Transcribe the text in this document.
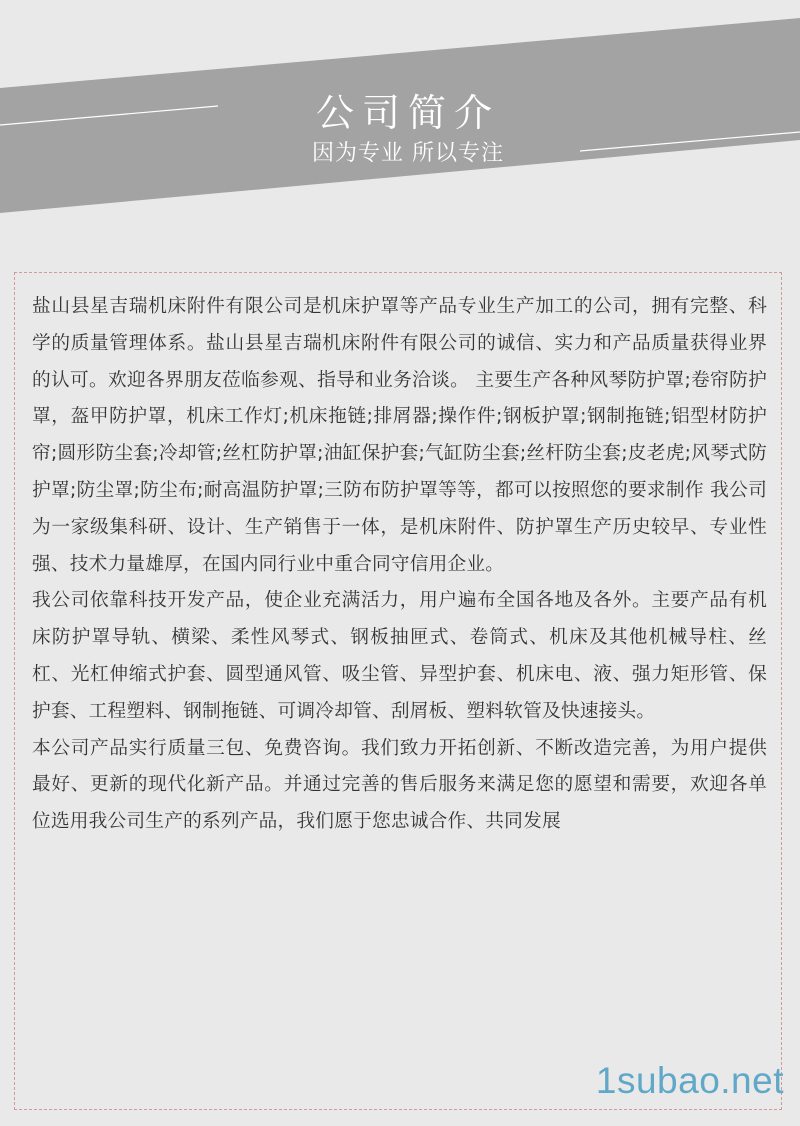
公司简介
因为专业 所以专注

盐山县星吉瑞机床附件有限公司是机床护罩等产品专业生产加工的公司，拥有完整、科学的质量管理体系。盐山县星吉瑞机床附件有限公司的诚信、实力和产品质量获得业界的认可。欢迎各界朋友莅临参观、指导和业务洽谈。 主要生产各种风琴防护罩;卷帘防护罩，盔甲防护罩，机床工作灯;机床拖链;排屑器;操作件;钢板护罩;钢制拖链;铝型材防护帘;圆形防尘套;冷却管;丝杠防护罩;油缸保护套;气缸防尘套;丝杆防尘套;皮老虎;风琴式防护罩;防尘罩;防尘布;耐高温防护罩;三防布防护罩等等，都可以按照您的要求制作 我公司为一家级集科研、设计、生产销售于一体，是机床附件、防护罩生产历史较早、专业性强、技术力量雄厚，在国内同行业中重合同守信用企业。

我公司依靠科技开发产品，使企业充满活力，用户遍布全国各地及各外。主要产品有机床防护罩导轨、横梁、柔性风琴式、钢板抽匣式、卷筒式、机床及其他机械导柱、丝杠、光杠伸缩式护套、圆型通风管、吸尘管、异型护套、机床电、液、强力矩形管、保护套、工程塑料、钢制拖链、可调冷却管、刮屑板、塑料软管及快速接头。

本公司产品实行质量三包、免费咨询。我们致力开拓创新、不断改造完善，为用户提供最好、更新的现代化新产品。并通过完善的售后服务来满足您的愿望和需要，欢迎各单位选用我公司生产的系列产品，我们愿于您忠诚合作、共同发展

1subao.net
